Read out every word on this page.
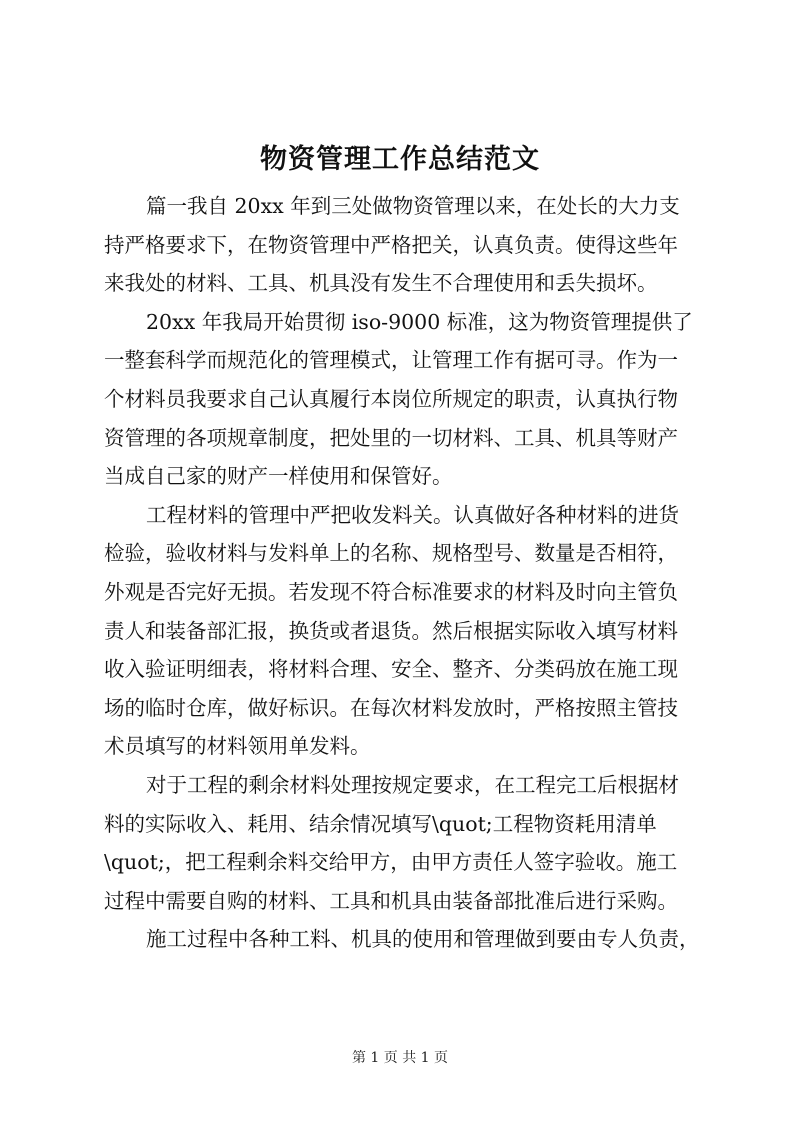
物资管理工作总结范文
篇一我自 20xx 年到三处做物资管理以来，在处长的大力支
持严格要求下，在物资管理中严格把关，认真负责。使得这些年
来我处的材料、工具、机具没有发生不合理使用和丢失损坏。
20xx 年我局开始贯彻 iso-9000 标准，这为物资管理提供了
一整套科学而规范化的管理模式，让管理工作有据可寻。作为一
个材料员我要求自己认真履行本岗位所规定的职责，认真执行物
资管理的各项规章制度，把处里的一切材料、工具、机具等财产
当成自己家的财产一样使用和保管好。
工程材料的管理中严把收发料关。认真做好各种材料的进货
检验，验收材料与发料单上的名称、规格型号、数量是否相符，
外观是否完好无损。若发现不符合标准要求的材料及时向主管负
责人和装备部汇报，换货或者退货。然后根据实际收入填写材料
收入验证明细表，将材料合理、安全、整齐、分类码放在施工现
场的临时仓库，做好标识。在每次材料发放时，严格按照主管技
术员填写的材料领用单发料。
对于工程的剩余材料处理按规定要求，在工程完工后根据材
料的实际收入、耗用、结余情况填写\quot;工程物资耗用清单
\quot;，把工程剩余料交给甲方，由甲方责任人签字验收。施工
过程中需要自购的材料、工具和机具由装备部批准后进行采购。
施工过程中各种工料、机具的使用和管理做到要由专人负责，
第 1 页 共 1 页
